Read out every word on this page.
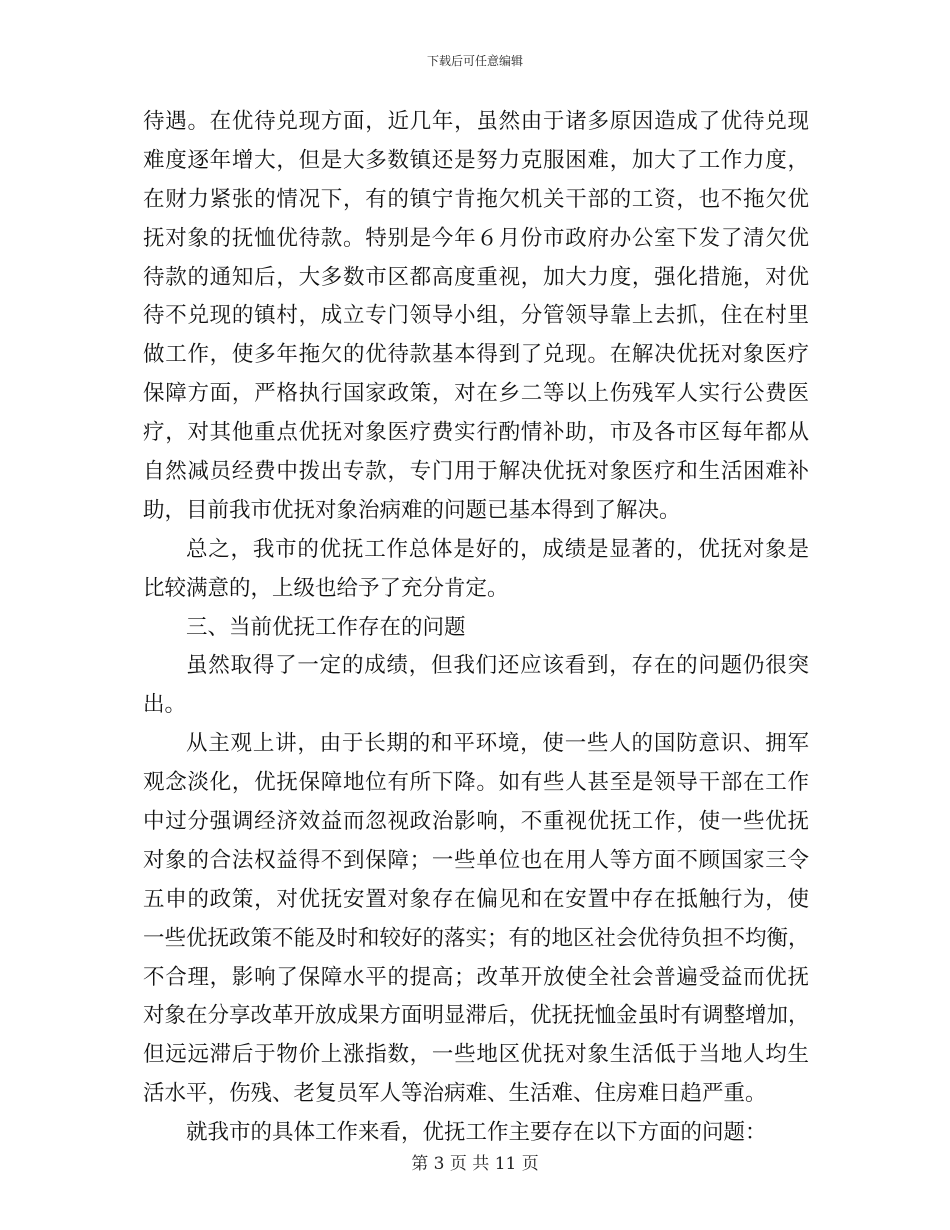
下载后可任意编辑
待遇。在优待兑现方面，近几年，虽然由于诸多原因造成了优待兑现
难度逐年增大，但是大多数镇还是努力克服困难，加大了工作力度，
在财力紧张的情况下，有的镇宁肯拖欠机关干部的工资，也不拖欠优
抚对象的抚恤优待款。特别是今年６月份市政府办公室下发了清欠优
待款的通知后，大多数市区都高度重视，加大力度，强化措施，对优
待不兑现的镇村，成立专门领导小组，分管领导靠上去抓，住在村里
做工作，使多年拖欠的优待款基本得到了兑现。在解决优抚对象医疗
保障方面，严格执行国家政策，对在乡二等以上伤残军人实行公费医
疗，对其他重点优抚对象医疗费实行酌情补助，市及各市区每年都从
自然减员经费中拨出专款，专门用于解决优抚对象医疗和生活困难补
助，目前我市优抚对象治病难的问题已基本得到了解决。
总之，我市的优抚工作总体是好的，成绩是显著的，优抚对象是
比较满意的，上级也给予了充分肯定。
三、当前优抚工作存在的问题
虽然取得了一定的成绩，但我们还应该看到，存在的问题仍很突
出。
从主观上讲，由于长期的和平环境，使一些人的国防意识、拥军
观念淡化，优抚保障地位有所下降。如有些人甚至是领导干部在工作
中过分强调经济效益而忽视政治影响，不重视优抚工作，使一些优抚
对象的合法权益得不到保障；一些单位也在用人等方面不顾国家三令
五申的政策，对优抚安置对象存在偏见和在安置中存在抵触行为，使
一些优抚政策不能及时和较好的落实；有的地区社会优待负担不均衡，
不合理，影响了保障水平的提高；改革开放使全社会普遍受益而优抚
对象在分享改革开放成果方面明显滞后，优抚抚恤金虽时有调整增加，
但远远滞后于物价上涨指数，一些地区优抚对象生活低于当地人均生
活水平，伤残、老复员军人等治病难、生活难、住房难日趋严重。
就我市的具体工作来看，优抚工作主要存在以下方面的问题：
第 3 页 共 11 页
